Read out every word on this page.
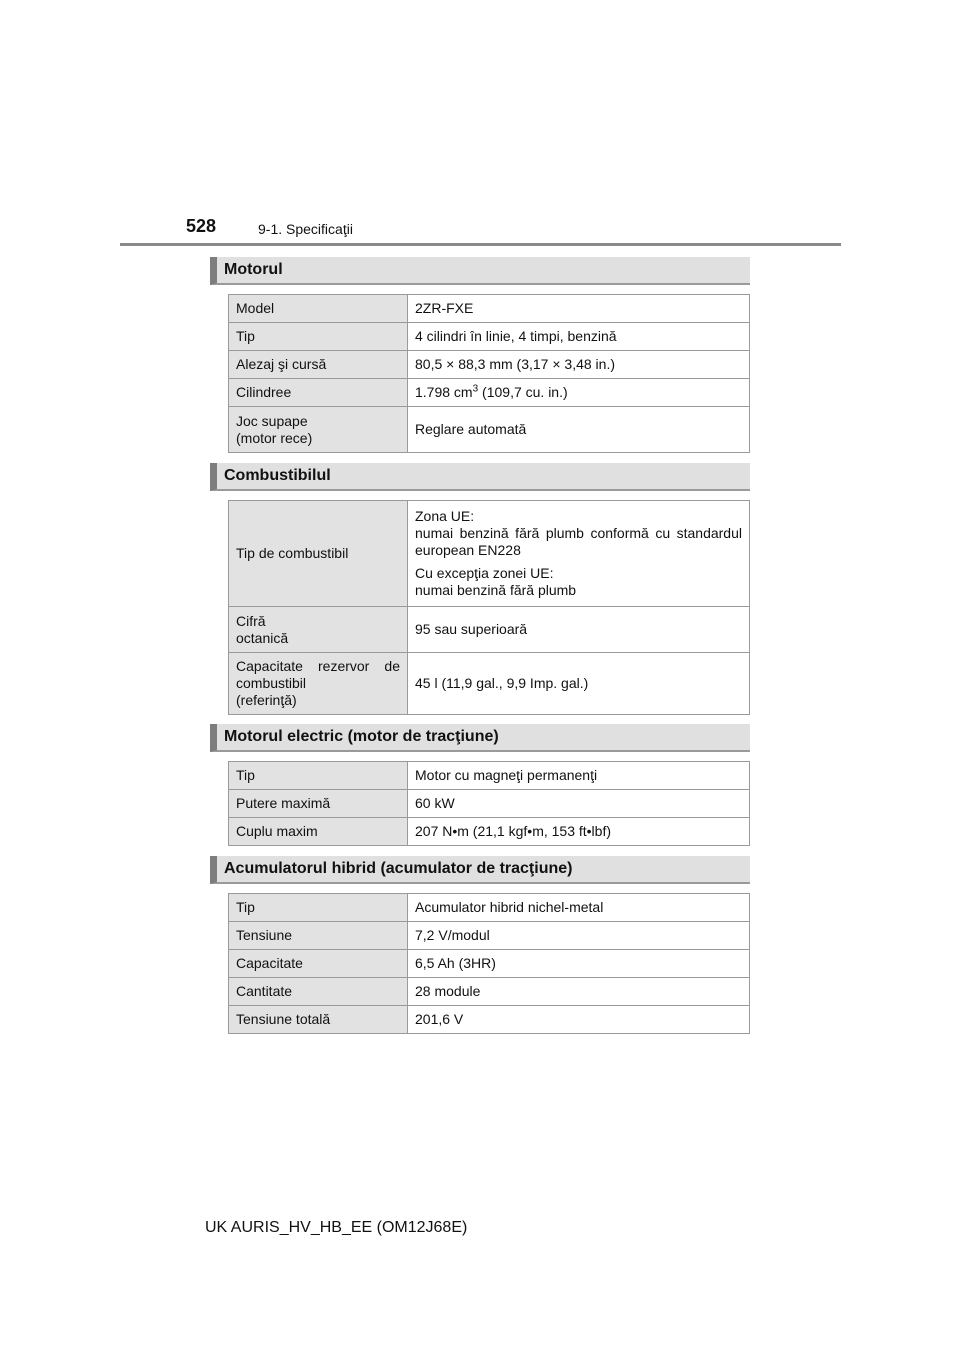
528	9-1. Specificaţii
Motorul
Model	2ZR-FXE
Tip	4 cilindri în linie, 4 timpi, benzină
Alezaj şi cursă	80,5 × 88,3 mm (3,17 × 3,48 in.)
Cilindree	1.798 $cm^3$ (109,7 cu. in.)
Joc supape
(motor rece)	Reglare automată
Combustibilul
Tip de combustibil	Zona UE:
numai benzină fără plumb conformă cu standardul european EN228

Cu excepţia zonei UE:
numai benzină fără plumb

Cifră
octanică	95 sau superioară

Capacitate rezervor de combustibil
(referinţă)	45 l (11,9 gal., 9,9 Imp. gal.)
Motorul electric (motor de tracţiune)
Tip	Motor cu magneţi permanenţi
Putere maximă	60 kW
Cuplu maxim	207 N•m (21,1 kgf•m, 153 ft•lbf)
Acumulatorul hibrid (acumulator de tracţiune)
Tip	Acumulator hibrid nichel-metal
Tensiune	7,2 V/modul
Capacitate	6,5 Ah (3HR)
Cantitate	28 module
Tensiune totală	201,6 V
UK AURIS_HV_HB_EE (OM12J68E)
